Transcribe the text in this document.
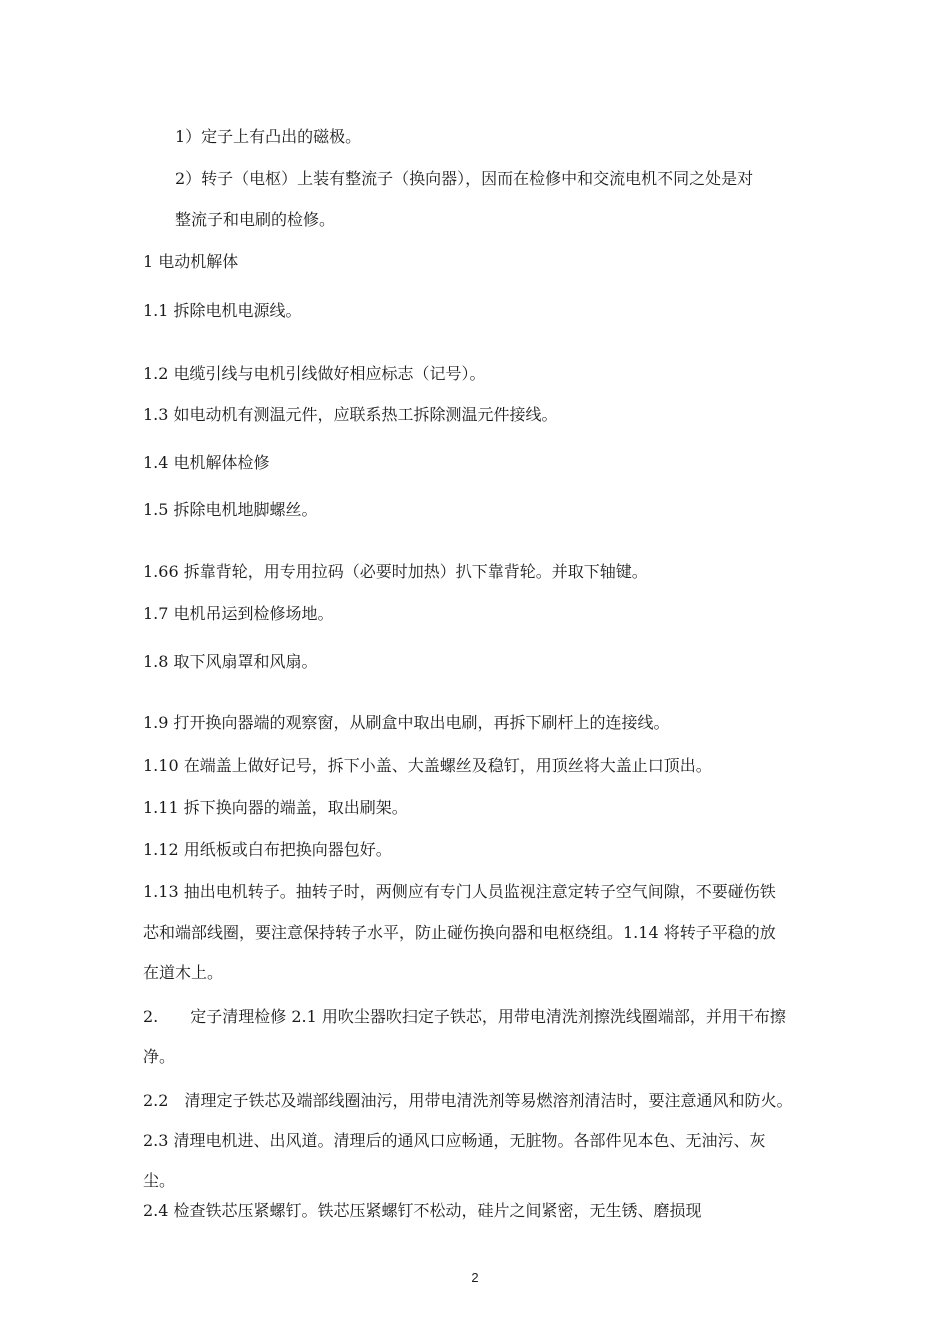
1）定子上有凸出的磁极。
2）转子（电枢）上装有整流子（换向器），因而在检修中和交流电机不同之处是对
整流子和电刷的检修。
1 电动机解体
1.1 拆除电机电源线。
1.2 电缆引线与电机引线做好相应标志（记号）。
1.3 如电动机有测温元件，应联系热工拆除测温元件接线。
1.4 电机解体检修
1.5 拆除电机地脚螺丝。
1.66 拆靠背轮，用专用拉码（必要时加热）扒下靠背轮。并取下轴键。
1.7 电机吊运到检修场地。
1.8 取下风扇罩和风扇。
1.9 打开换向器端的观察窗，从刷盒中取出电刷，再拆下刷杆上的连接线。
1.10 在端盖上做好记号，拆下小盖、大盖螺丝及稳钉，用顶丝将大盖止口顶出。
1.11 拆下换向器的端盖，取出刷架。
1.12 用纸板或白布把换向器包好。
1.13 抽出电机转子。抽转子时，两侧应有专门人员监视注意定转子空气间隙，不要碰伤铁
芯和端部线圈，要注意保持转子水平，防止碰伤换向器和电枢绕组。1.14 将转子平稳的放
在道木上。
2.　　定子清理检修 2.1 用吹尘器吹扫定子铁芯，用带电清洗剂擦洗线圈端部，并用干布擦
净。
2.2　清理定子铁芯及端部线圈油污，用带电清洗剂等易燃溶剂清洁时，要注意通风和防火。
2.3 清理电机进、出风道。清理后的通风口应畅通，无脏物。各部件见本色、无油污、灰
尘。
2.4 检查铁芯压紧螺钉。铁芯压紧螺钉不松动，硅片之间紧密，无生锈、磨损现
2
